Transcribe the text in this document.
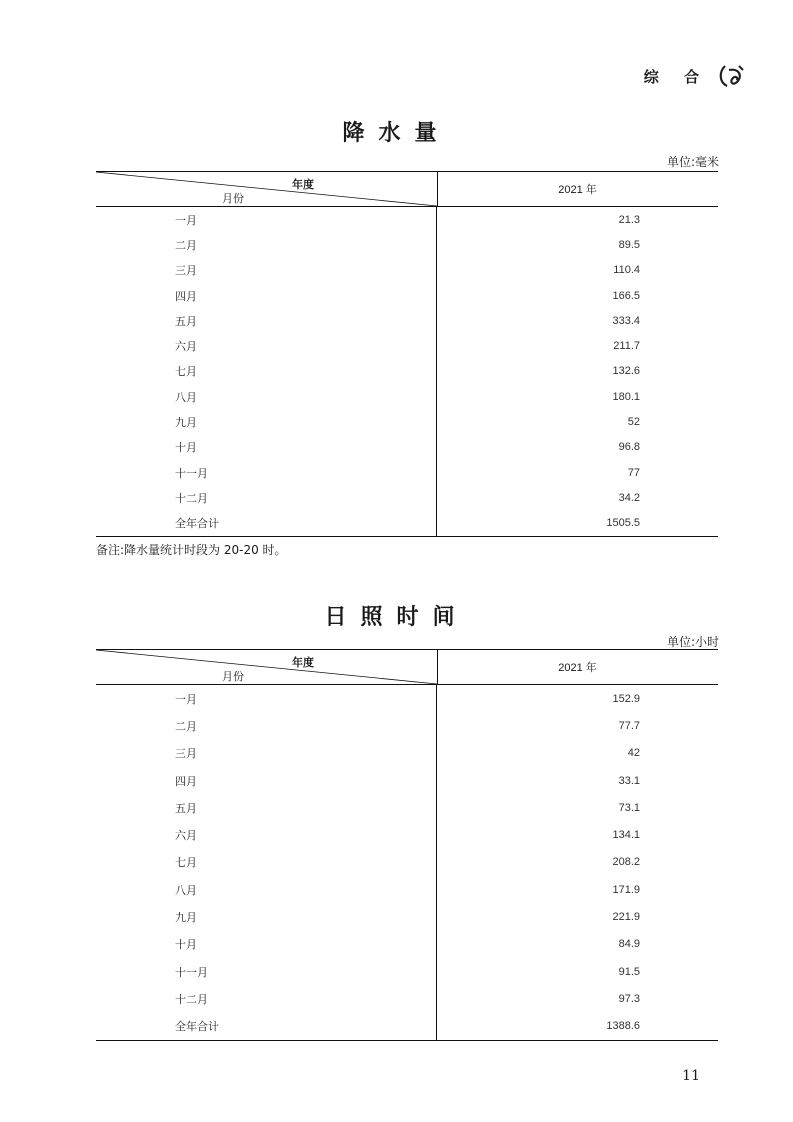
综 合
降水量
单位:毫米
年度
月份
2021 年
一月	21.3
二月	89.5
三月	110.4
四月	166.5
五月	333.4
六月	211.7
七月	132.6
八月	180.1
九月	52
十月	96.8
十一月	77
十二月	34.2
全年合计	1505.5
备注:降水量统计时段为 20-20 时。
日照时间
单位:小时
年度
月份
2021 年
一月	152.9
二月	77.7
三月	42
四月	33.1
五月	73.1
六月	134.1
七月	208.2
八月	171.9
九月	221.9
十月	84.9
十一月	91.5
十二月	97.3
全年合计	1388.6
11
